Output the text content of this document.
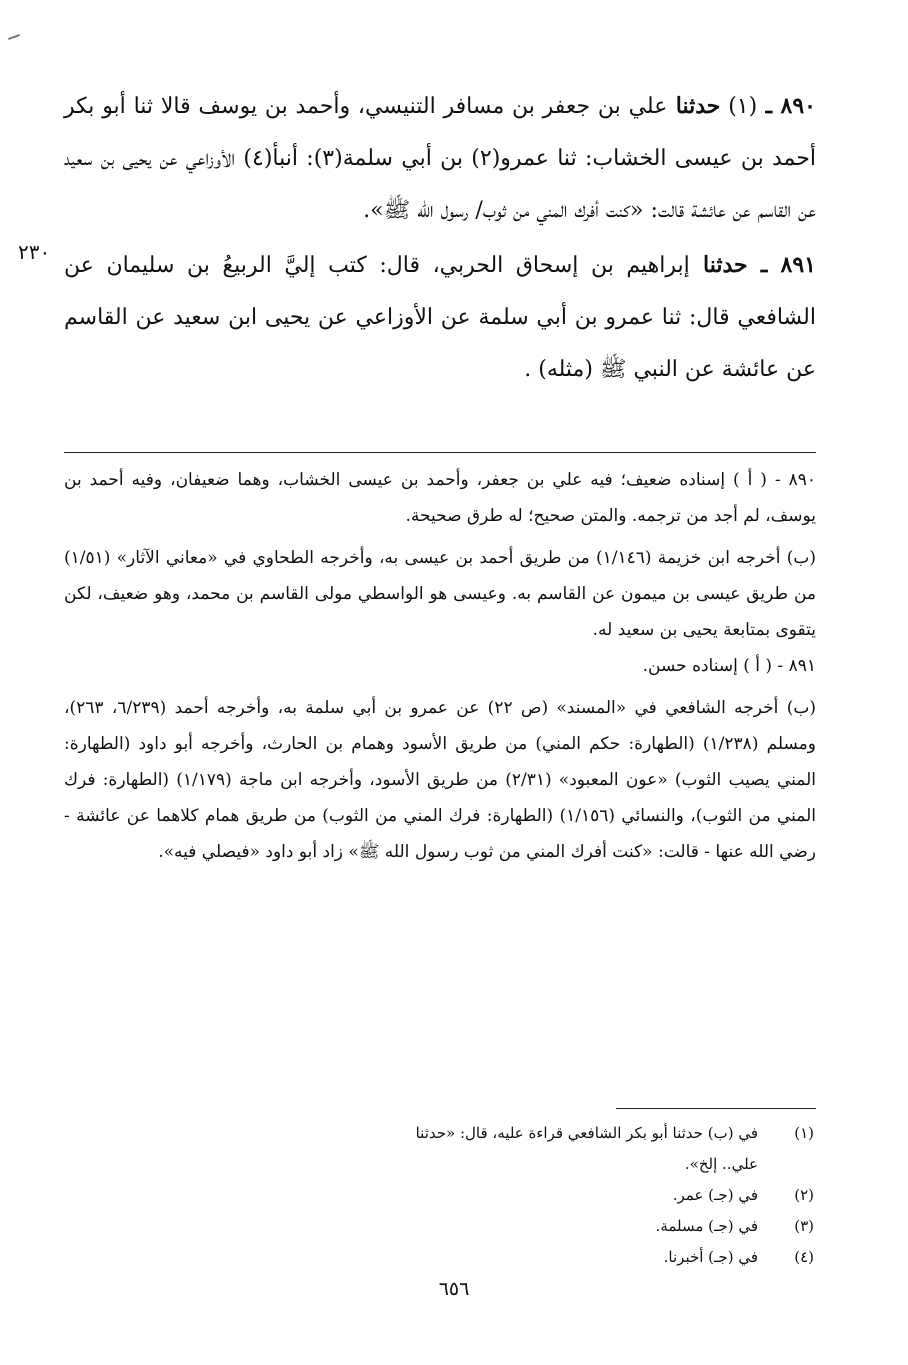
٢٣٠

٨٩٠ ـ (١) حدثنا علي بن جعفر بن مسافر التنيسي، وأحمد بن يوسف قالا ثنا أبو بكر أحمد بن عيسى الخشاب: ثنا عمرو(٢) بن أبي سلمة(٣): أنبأ(٤) الأوزاعي عن يحيى بن سعيد عن القاسم عن عائشة قالت: «كنت أفرك المني من ثوب/ رسول الله ﷺ».

٨٩١ ـ حدثنا إبراهيم بن إسحاق الحربي، قال: كتب إليَّ الربيعُ بن سليمان عن الشافعي قال: ثنا عمرو بن أبي سلمة عن الأوزاعي عن يحيى ابن سعيد عن القاسم عن عائشة عن النبي ﷺ (مثله) .

٨٩٠ - ( أ ) إسناده ضعيف؛ فيه علي بن جعفر، وأحمد بن عيسى الخشاب، وهما ضعيفان، وفيه أحمد بن يوسف، لم أجد من ترجمه. والمتن صحيح؛ له طرق صحيحة.
(ب) أخرجه ابن خزيمة (١/١٤٦) من طريق أحمد بن عيسى به، وأخرجه الطحاوي في «معاني الآثار» (١/٥١) من طريق عيسى بن ميمون عن القاسم به. وعيسى هو الواسطي مولى القاسم بن محمد، وهو ضعيف، لكن يتقوى بمتابعة يحيى بن سعيد له.
٨٩١ - ( أ ) إسناده حسن.
(ب) أخرجه الشافعي في «المسند» (ص ٢٢) عن عمرو بن أبي سلمة به، وأخرجه أحمد (٦/٢٣٩، ٢٦٣)، ومسلم (١/٢٣٨) (الطهارة: حكم المني) من طريق الأسود وهمام بن الحارث، وأخرجه أبو داود (الطهارة: المني يصيب الثوب) «عون المعبود» (٢/٣١) من طريق الأسود، وأخرجه ابن ماجة (١/١٧٩) (الطهارة: فرك المني من الثوب)، والنسائي (١/١٥٦) (الطهارة: فرك المني من الثوب) من طريق همام كلاهما عن عائشة - رضي الله عنها - قالت: «كنت أفرك المني من ثوب رسول الله ﷺ» زاد أبو داود «فيصلي فيه».
(١)
في (ب) حدثنا أبو بكر الشافعي قراءة عليه، قال: «حدثنا علي.. إلخ».
(٢)
في (جـ) عمر.
(٣)
في (جـ) مسلمة.
(٤)
في (جـ) أخبرنا.
٦٥٦
